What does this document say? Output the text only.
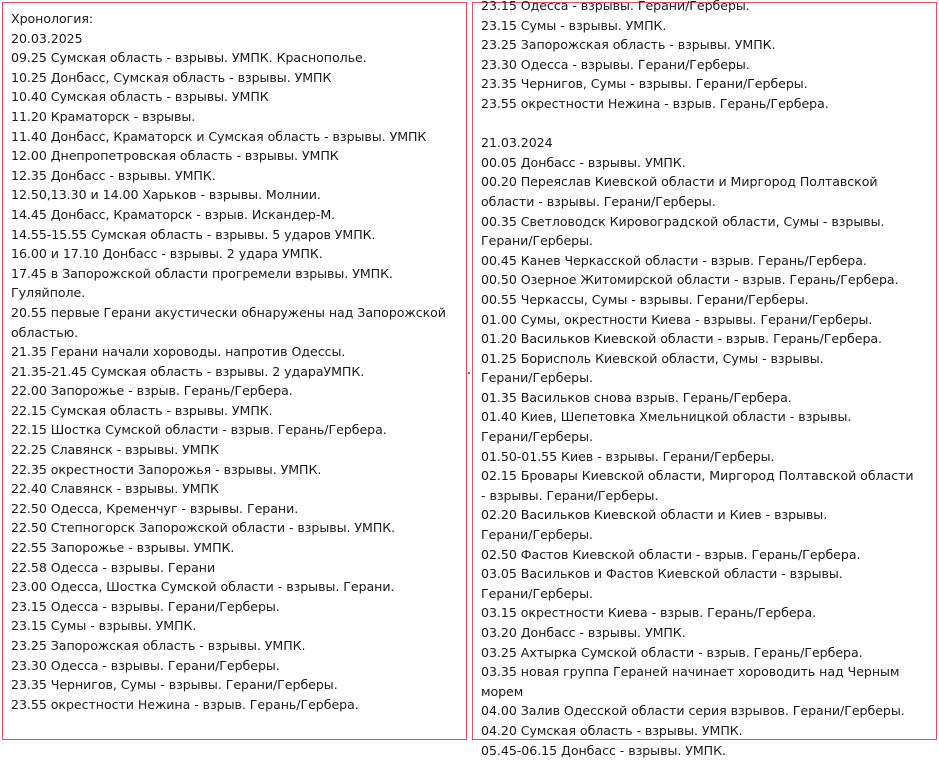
Хронология:
20.03.2025
09.25 Сумская область - взрывы. УМПК. Краснополье.
10.25 Донбасс, Сумская область - взрывы. УМПК
10.40 Сумская область - взрывы. УМПК
11.20 Краматорск - взрывы.
11.40 Донбасс, Краматорск и Сумская область - взрывы. УМПК
12.00 Днепропетровская область - взрывы. УМПК
12.35 Донбасс - взрывы. УМПК.
12.50,13.30 и 14.00 Харьков - взрывы. Молнии.
14.45 Донбасс, Краматорск - взрыв. Искандер-М.
14.55-15.55 Сумская область - взрывы. 5 ударов УМПК.
16.00 и 17.10 Донбасс - взрывы. 2 удара УМПК.
17.45 в Запорожской области прогремели взрывы. УМПК.
Гуляйполе.
20.55 первые Герани акустически обнаружены над Запорожской
областью.
21.35 Герани начали хороводы. напротив Одессы.
21.35-21.45 Сумская область - взрывы. 2 удараУМПК.
22.00 Запорожье - взрыв. Герань/Гербера.
22.15 Сумская область - взрывы. УМПК.
22.15 Шостка Сумской области - взрыв. Герань/Гербера.
22.25 Славянск - взрывы. УМПК
22.35 окрестности Запорожья - взрывы. УМПК.
22.40 Славянск - взрывы. УМПК
22.50 Одесса, Кременчуг - взрывы. Герани.
22.50 Степногорск Запорожской области - взрывы. УМПК.
22.55 Запорожье - взрывы. УМПК.
22.58 Одесса - взрывы. Герани
23.00 Одесса, Шостка Сумской области - взрывы. Герани.
23.15 Одесса - взрывы. Герани/Герберы.
23.15 Сумы - взрывы. УМПК.
23.25 Запорожская область - взрывы. УМПК.
23.30 Одесса - взрывы. Герани/Герберы.
23.35 Чернигов, Сумы - взрывы. Герани/Герберы.
23.55 окрестности Нежина - взрыв. Герань/Гербера.
23.15 Одесса - взрывы. Герани/Герберы.
23.15 Сумы - взрывы. УМПК.
23.25 Запорожская область - взрывы. УМПК.
23.30 Одесса - взрывы. Герани/Герберы.
23.35 Чернигов, Сумы - взрывы. Герани/Герберы.
23.55 окрестности Нежина - взрыв. Герань/Гербера.
21.03.2024
00.05 Донбасс - взрывы. УМПК.
00.20 Переяслав Киевской области и Миргород Полтавской
области - взрывы. Герани/Герберы.
00.35 Светловодск Кировоградской области, Сумы - взрывы.
Герани/Герберы.
00.45 Канев Черкасской области - взрыв. Герань/Гербера.
00.50 Озерное Житомирской области - взрыв. Герань/Гербера.
00.55 Черкассы, Сумы - взрывы. Герани/Герберы.
01.00 Сумы, окрестности Киева - взрывы. Герани/Герберы.
01.20 Васильков Киевской области - взрыв. Герань/Гербера.
01.25 Борисполь Киевской области, Сумы - взрывы.
Герани/Герберы.
01.35 Васильков снова взрыв. Герань/Гербера.
01.40 Киев, Шепетовка Хмельницкой области - взрывы.
Герани/Герберы.
01.50-01.55 Киев - взрывы. Герани/Герберы.
02.15 Бровары Киевской области, Миргород Полтавской области
- взрывы. Герани/Герберы.
02.20 Васильков Киевской области и Киев - взрывы.
Герани/Герберы.
02.50 Фастов Киевской области - взрыв. Герань/Гербера.
03.05 Васильков и Фастов Киевской области - взрывы.
Герани/Герберы.
03.15 окрестности Киева - взрыв. Герань/Гербера.
03.20 Донбасс - взрывы. УМПК.
03.25 Ахтырка Сумской области - взрыв. Герань/Гербера.
03.35 новая группа Гераней начинает хороводить над Черным
морем
04.00 Залив Одесской области серия взрывов. Герани/Герберы.
04.20 Сумская область - взрывы. УМПК.
05.45-06.15 Донбасс - взрывы. УМПК.
